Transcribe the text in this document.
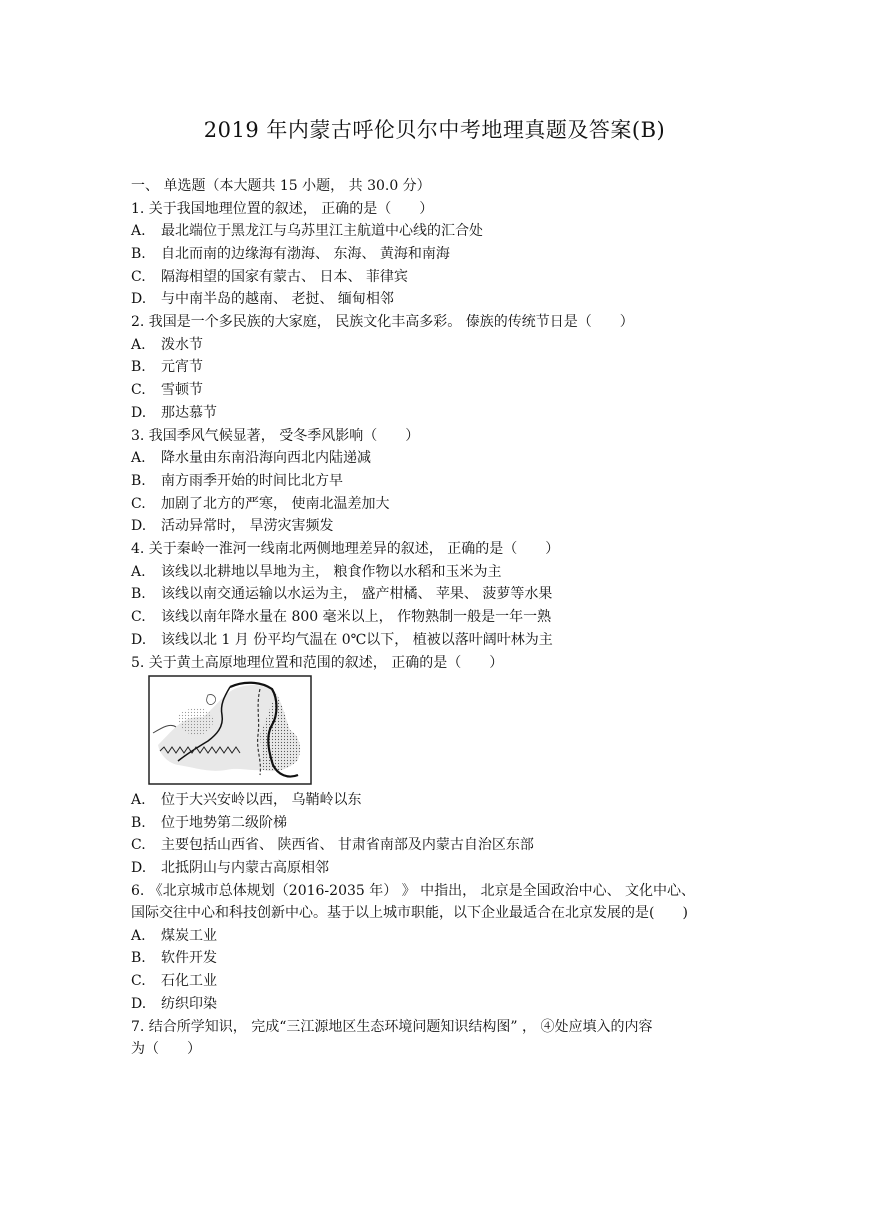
2019 年内蒙古呼伦贝尔中考地理真题及答案(B)
一、 单选题（本大题共 15 小题， 共 30.0 分）
1. 关于我国地理位置的叙述， 正确的是（　　）
A. 最北端位于黑龙江与乌苏里江主航道中心线的汇合处
B. 自北而南的边缘海有渤海、 东海、 黄海和南海
C. 隔海相望的国家有蒙古、 日本、 菲律宾
D. 与中南半岛的越南、 老挝、 缅甸相邻
2. 我国是一个多民族的大家庭， 民族文化丰高多彩。 傣族的传统节日是（　　）
A. 泼水节
B. 元宵节
C. 雪顿节
D. 那达慕节
3. 我国季风气候显著， 受冬季风影响（　　）
A. 降水量由东南沿海向西北内陆递减
B. 南方雨季开始的时间比北方早
C. 加剧了北方的严寒， 使南北温差加大
D. 活动异常时， 旱涝灾害频发
4. 关于秦岭一淮河一线南北两侧地理差异的叙述， 正确的是（　　）
A. 该线以北耕地以旱地为主， 粮食作物以水稻和玉米为主
B. 该线以南交通运输以水运为主， 盛产柑橘、 苹果、 菠萝等水果
C. 该线以南年降水量在 800 毫米以上， 作物熟制一般是一年一熟
D. 该线以北 1 月 份平均气温在 0℃以下， 植被以落叶阔叶林为主
5. 关于黄土高原地理位置和范围的叙述， 正确的是（　　）
A. 位于大兴安岭以西， 乌鞘岭以东
B. 位于地势第二级阶梯
C. 主要包括山西省、 陕西省、 甘肃省南部及内蒙古自治区东部
D. 北抵阴山与内蒙古高原相邻
6. 《北京城市总体规划（2016-2035 年） 》 中指出， 北京是全国政治中心、 文化中心、
国际交往中心和科技创新中心。基于以上城市职能，以下企业最适合在北京发展的是(　　)
A. 煤炭工业
B. 软件开发
C. 石化工业
D. 纺织印染
7. 结合所学知识， 完成“三江源地区生态环境问题知识结构图” ， ④处应填入的内容
为（　　）
